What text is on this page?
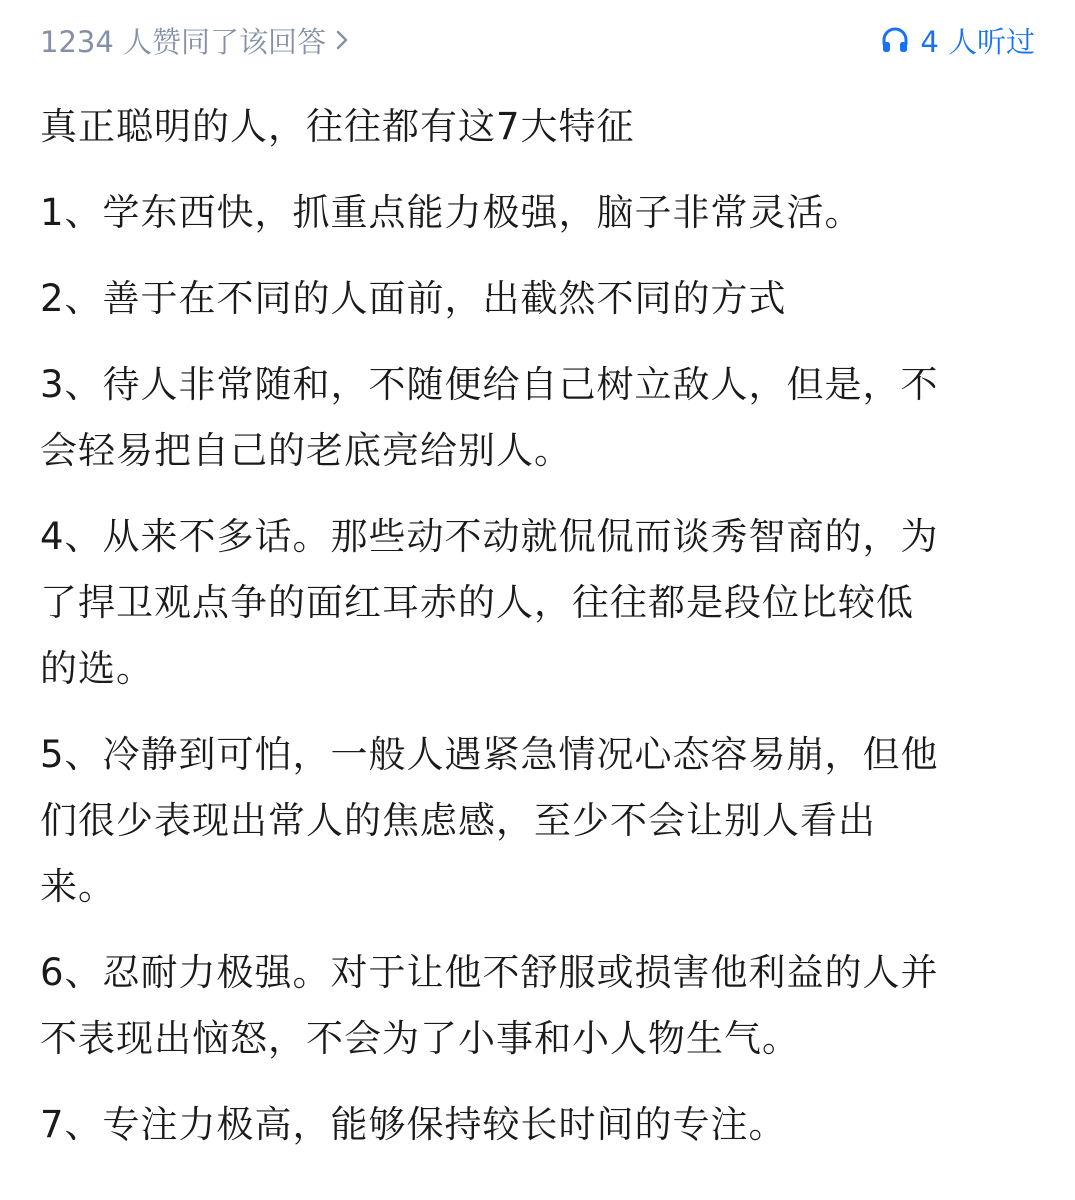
1234 人赞同了该回答	4 人听过

真正聪明的人，往往都有这7大特征

1、学东西快，抓重点能力极强，脑子非常灵活。

2、善于在不同的人面前，出截然不同的方式

3、待人非常随和，不随便给自己树立敌人，但是，不
会轻易把自己的老底亮给别人。

4、从来不多话。那些动不动就侃侃而谈秀智商的，为
了捍卫观点争的面红耳赤的人，往往都是段位比较低
的选。

5、冷静到可怕，一般人遇紧急情况心态容易崩，但他
们很少表现出常人的焦虑感，至少不会让别人看出
来。

6、忍耐力极强。对于让他不舒服或损害他利益的人并
不表现出恼怒，不会为了小事和小人物生气。

7、专注力极高，能够保持较长时间的专注。
